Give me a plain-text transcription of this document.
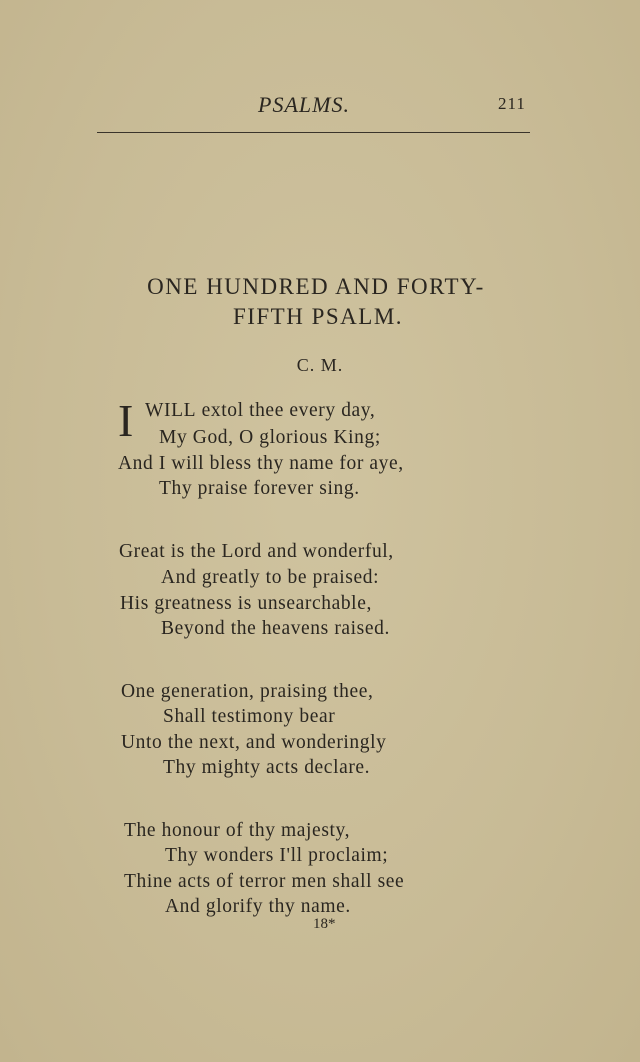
PSALMS.	211
ONE HUNDRED AND FORTY-
FIFTH PSALM.
C. M.
I WILL extol thee every day,
My God, O glorious King;
And I will bless thy name for aye,
Thy praise forever sing.
Great is the Lord and wonderful,
And greatly to be praised:
His greatness is unsearchable,
Beyond the heavens raised.
One generation, praising thee,
Shall testimony bear
Unto the next, and wonderingly
Thy mighty acts declare.
The honour of thy majesty,
Thy wonders I'll proclaim;
Thine acts of terror men shall see
And glorify thy name.
18*
